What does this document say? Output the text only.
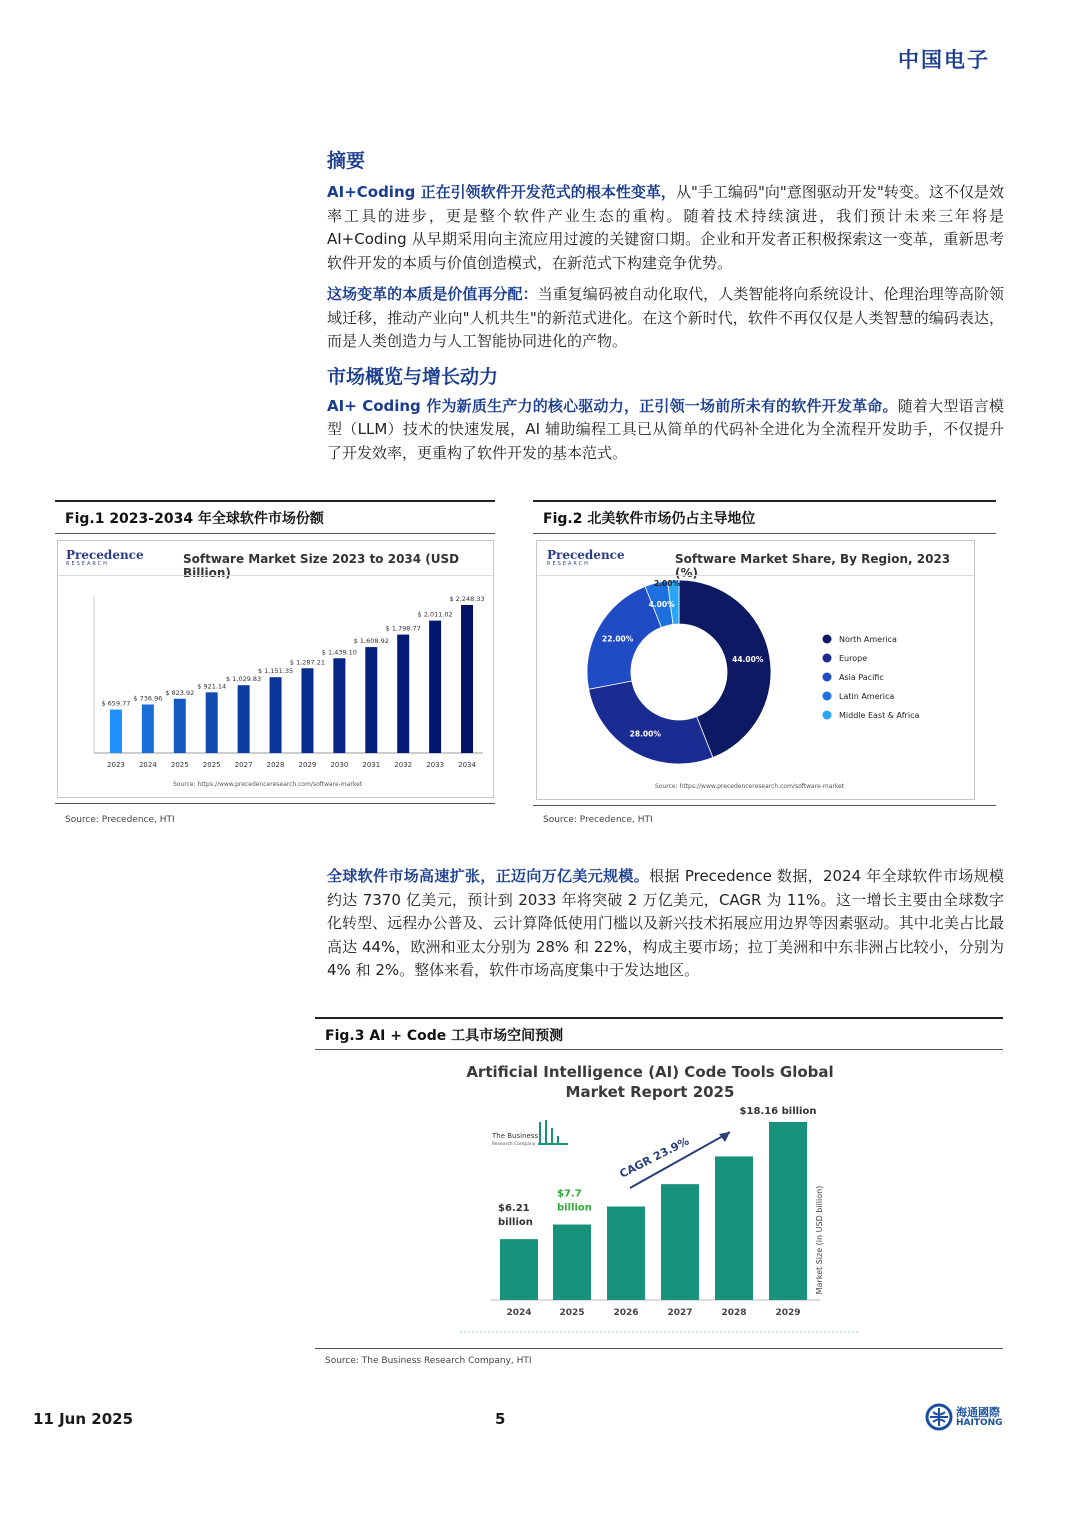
中国电子
摘要

AI+Coding 正在引领软件开发范式的根本性变革，从"手工编码"向"意图驱动开发"转变。这不仅是效率工具的进步，更是整个软件产业生态的重构。随着技术持续演进，我们预计未来三年将是 AI+Coding 从早期采用向主流应用过渡的关键窗口期。企业和开发者正积极探索这一变革，重新思考软件开发的本质与价值创造模式，在新范式下构建竞争优势。

这场变革的本质是价值再分配：当重复编码被自动化取代，人类智能将向系统设计、伦理治理等高阶领域迁移，推动产业向"人机共生"的新范式进化。在这个新时代，软件不再仅仅是人类智慧的编码表达，而是人类创造力与人工智能协同进化的产物。

市场概览与增长动力

AI+ Coding 作为新质生产力的核心驱动力，正引领一场前所未有的软件开发革命。随着大型语言模型（LLM）技术的快速发展，AI 辅助编程工具已从简单的代码补全进化为全流程开发助手，不仅提升了开发效率，更重构了软件开发的基本范式。

Fig.1 2023-2034 年全球软件市场份额
Precedence
RESEARCH	Software Market Size 2023 to 2034 (USD Billion)
$ 659.77
2023
$ 736.96
2024
$ 823.92
2025
$ 921.14
2025
$ 1,029.83
2027
$ 1,151.35
2028
$ 1,287.21
2029
$ 1,439.10
2030
$ 1,608.92
2031
$ 1,798.77
2032
$ 2,011.02
2033
$ 2,248.33
2034
Source: https://www.precedenceresearch.com/software-market
Source: Precedence, HTI
Fig.2 北美软件市场仍占主导地位
Precedence
RESEARCH	Software Market Share, By Region, 2023 (%)
44.00%
28.00%
22.00%
4.00%
2.00%
North America
Europe
Asia Pacific
Latin America
Middle East & Africa
Source: https://www.precedenceresearch.com/software-market
Source: Precedence, HTI

全球软件市场高速扩张，正迈向万亿美元规模。根据 Precedence 数据，2024 年全球软件市场规模约达 7370 亿美元，预计到 2033 年将突破 2 万亿美元，CAGR 为 11%。这一增长主要由全球数字化转型、远程办公普及、云计算降低使用门槛以及新兴技术拓展应用边界等因素驱动。其中北美占比最高达 44%，欧洲和亚太分别为 28% 和 22%，构成主要市场；拉丁美洲和中东非洲占比较小，分别为 4% 和 2%。整体来看，软件市场高度集中于发达地区。

Fig.3 AI + Code 工具市场空间预测
Artificial Intelligence (AI) Code Tools Global Market Report 2025
2024	2025	2026	2027	2028	2029
$6.21
billion
$7.7
billion
$18.16 billion
CAGR 23.9%
Market Size (in USD billion)
The Business
Research Company
Source: The Business Research Company, HTI
11 Jun 2025	5	海通國際
HAITONG
